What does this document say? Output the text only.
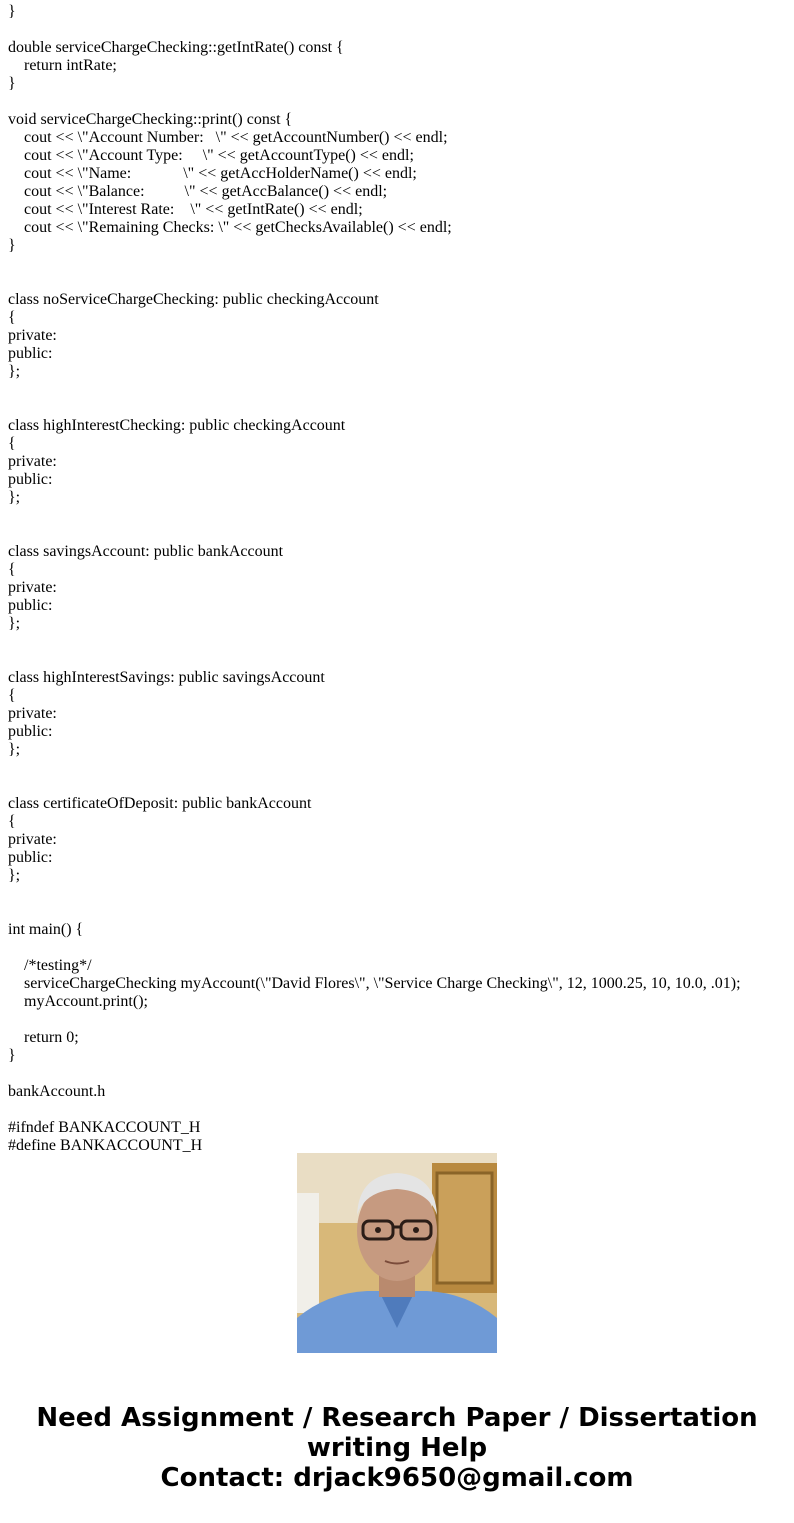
}
double serviceChargeChecking::getIntRate() const {
return intRate;
}
void serviceChargeChecking::print() const {
cout << \"Account Number:   \" << getAccountNumber() << endl;
cout << \"Account Type:     \" << getAccountType() << endl;
cout << \"Name:             \" << getAccHolderName() << endl;
cout << \"Balance:          \" << getAccBalance() << endl;
cout << \"Interest Rate:    \" << getIntRate() << endl;
cout << \"Remaining Checks: \" << getChecksAvailable() << endl;
}
class noServiceChargeChecking: public checkingAccount
{
private:
public:
};
class highInterestChecking: public checkingAccount
{
private:
public:
};
class savingsAccount: public bankAccount
{
private:
public:
};
class highInterestSavings: public savingsAccount
{
private:
public:
};
class certificateOfDeposit: public bankAccount
{
private:
public:
};
int main() {
/*testing*/
serviceChargeChecking myAccount(\"David Flores\", \"Service Charge Checking\", 12, 1000.25, 10, 10.0, .01);
myAccount.print();
return 0;
}
bankAccount.h
#ifndef BANKACCOUNT_H
#define BANKACCOUNT_H
Need Assignment / Research Paper / Dissertation
writing Help
Contact: drjack9650@gmail.com
